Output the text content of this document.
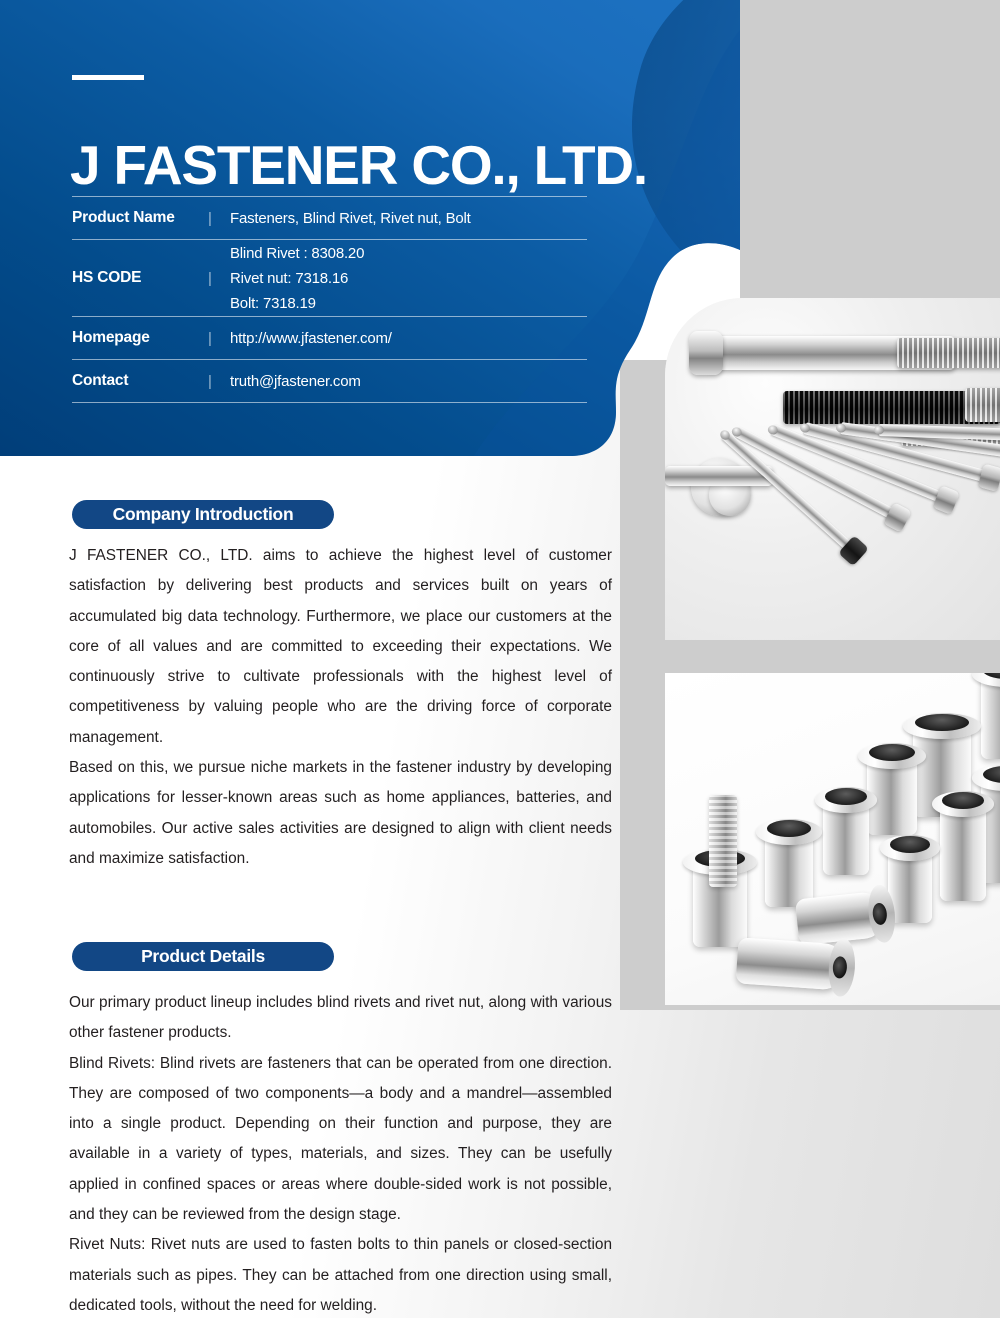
J FASTENER CO., LTD.
Product Name	|	Fasteners, Blind Rivet, Rivet nut, Bolt
HS CODE	|
Blind Rivet : 8308.20
Rivet nut: 7318.16
Bolt: 7318.19
Homepage	|	http://www.jfastener.com/
Contact	|	truth@jfastener.com
Company Introduction

J FASTENER CO., LTD. aims to achieve the highest level of customer satisfaction by delivering best products and services built on years of accumulated big data technology. Furthermore, we place our customers at the core of all values and are committed to exceeding their expectations. We continuously strive to cultivate professionals with the highest level of competitiveness by valuing people who are the driving force of corporate management.

Based on this, we pursue niche markets in the fastener industry by developing applications for lesser-known areas such as home appliances, batteries, and automobiles. Our active sales activities are designed to align with client needs and maximize satisfaction.

Product Details

Our primary product lineup includes blind rivets and rivet nut, along with various other fastener products.

Blind Rivets: Blind rivets are fasteners that can be operated from one direction. They are composed of two components—a body and a mandrel—assembled into a single product. Depending on their function and purpose, they are available in a variety of types, materials, and sizes. They can be usefully applied in confined spaces or areas where double-sided work is not possible, and they can be reviewed from the design stage.

Rivet Nuts: Rivet nuts are used to fasten bolts to thin panels or closed-section materials such as pipes. They can be attached from one direction using small, dedicated tools, without the need for welding.
